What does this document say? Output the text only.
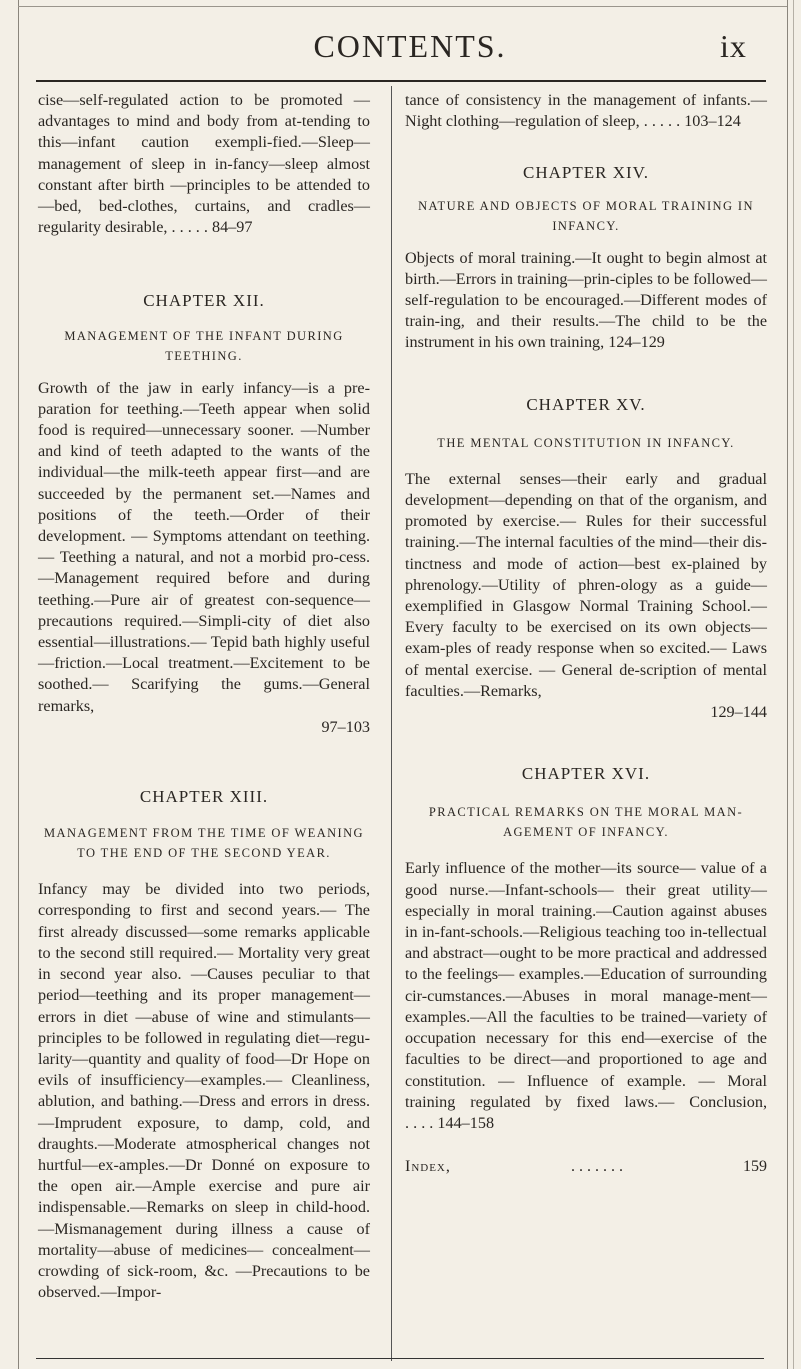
CONTENTS.	ix

cise—self-regulated action to be promoted —advantages to mind and body from at-tending to this—infant caution exempli-fied.—Sleep—management of sleep in in-fancy—sleep almost constant after birth —principles to be attended to—bed, bed-clothes, curtains, and cradles—regularity desirable, . . . . . 84–97

CHAPTER XII.
MANAGEMENT OF THE INFANT DURING TEETHING.

Growth of the jaw in early infancy—is a pre-paration for teething.—Teeth appear when solid food is required—unnecessary sooner. —Number and kind of teeth adapted to the wants of the individual—the milk-teeth appear first—and are succeeded by the permanent set.—Names and positions of the teeth.—Order of their development. — Symptoms attendant on teething. — Teething a natural, and not a morbid pro-cess.—Management required before and during teething.—Pure air of greatest con-sequence—precautions required.—Simpli-city of diet also essential—illustrations.— Tepid bath highly useful—friction.—Local treatment.—Excitement to be soothed.— Scarifying the gums.—General remarks,
97–103

CHAPTER XIII.
MANAGEMENT FROM THE TIME OF WEANING TO THE END OF THE SECOND YEAR.

Infancy may be divided into two periods, corresponding to first and second years.— The first already discussed—some remarks applicable to the second still required.— Mortality very great in second year also. —Causes peculiar to that period—teething and its proper management—errors in diet —abuse of wine and stimulants—principles to be followed in regulating diet—regu-larity—quantity and quality of food—Dr Hope on evils of insufficiency—examples.— Cleanliness, ablution, and bathing.—Dress and errors in dress.—Imprudent exposure, to damp, cold, and draughts.—Moderate atmospherical changes not hurtful—ex-amples.—Dr Donné on exposure to the open air.—Ample exercise and pure air indispensable.—Remarks on sleep in child-hood.—Mismanagement during illness a cause of mortality—abuse of medicines— concealment—crowding of sick-room, &c. —Precautions to be observed.—Impor-

tance of consistency in the management of infants.—Night clothing—regulation of sleep, . . . . . 103–124

CHAPTER XIV.
NATURE AND OBJECTS OF MORAL TRAINING IN INFANCY.

Objects of moral training.—It ought to begin almost at birth.—Errors in training—prin-ciples to be followed—self-regulation to be encouraged.—Different modes of train-ing, and their results.—The child to be the instrument in his own training, 124–129

CHAPTER XV.
THE MENTAL CONSTITUTION IN INFANCY.

The external senses—their early and gradual development—depending on that of the organism, and promoted by exercise.— Rules for their successful training.—The internal faculties of the mind—their dis-tinctness and mode of action—best ex-plained by phrenology.—Utility of phren-ology as a guide—exemplified in Glasgow Normal Training School.—Every faculty to be exercised on its own objects—exam-ples of ready response when so excited.— Laws of mental exercise. — General de-scription of mental faculties.—Remarks,
129–144

CHAPTER XVI.
PRACTICAL REMARKS ON THE MORAL MAN-AGEMENT OF INFANCY.

Early influence of the mother—its source— value of a good nurse.—Infant-schools— their great utility—especially in moral training.—Caution against abuses in in-fant-schools.—Religious teaching too in-tellectual and abstract—ought to be more practical and addressed to the feelings— examples.—Education of surrounding cir-cumstances.—Abuses in moral manage-ment—examples.—All the faculties to be trained—variety of occupation necessary for this end—exercise of the faculties to be direct—and proportioned to age and constitution. — Influence of example. — Moral training regulated by fixed laws.— Conclusion, . . . . 144–158

Index,	. . . . . . .	159
